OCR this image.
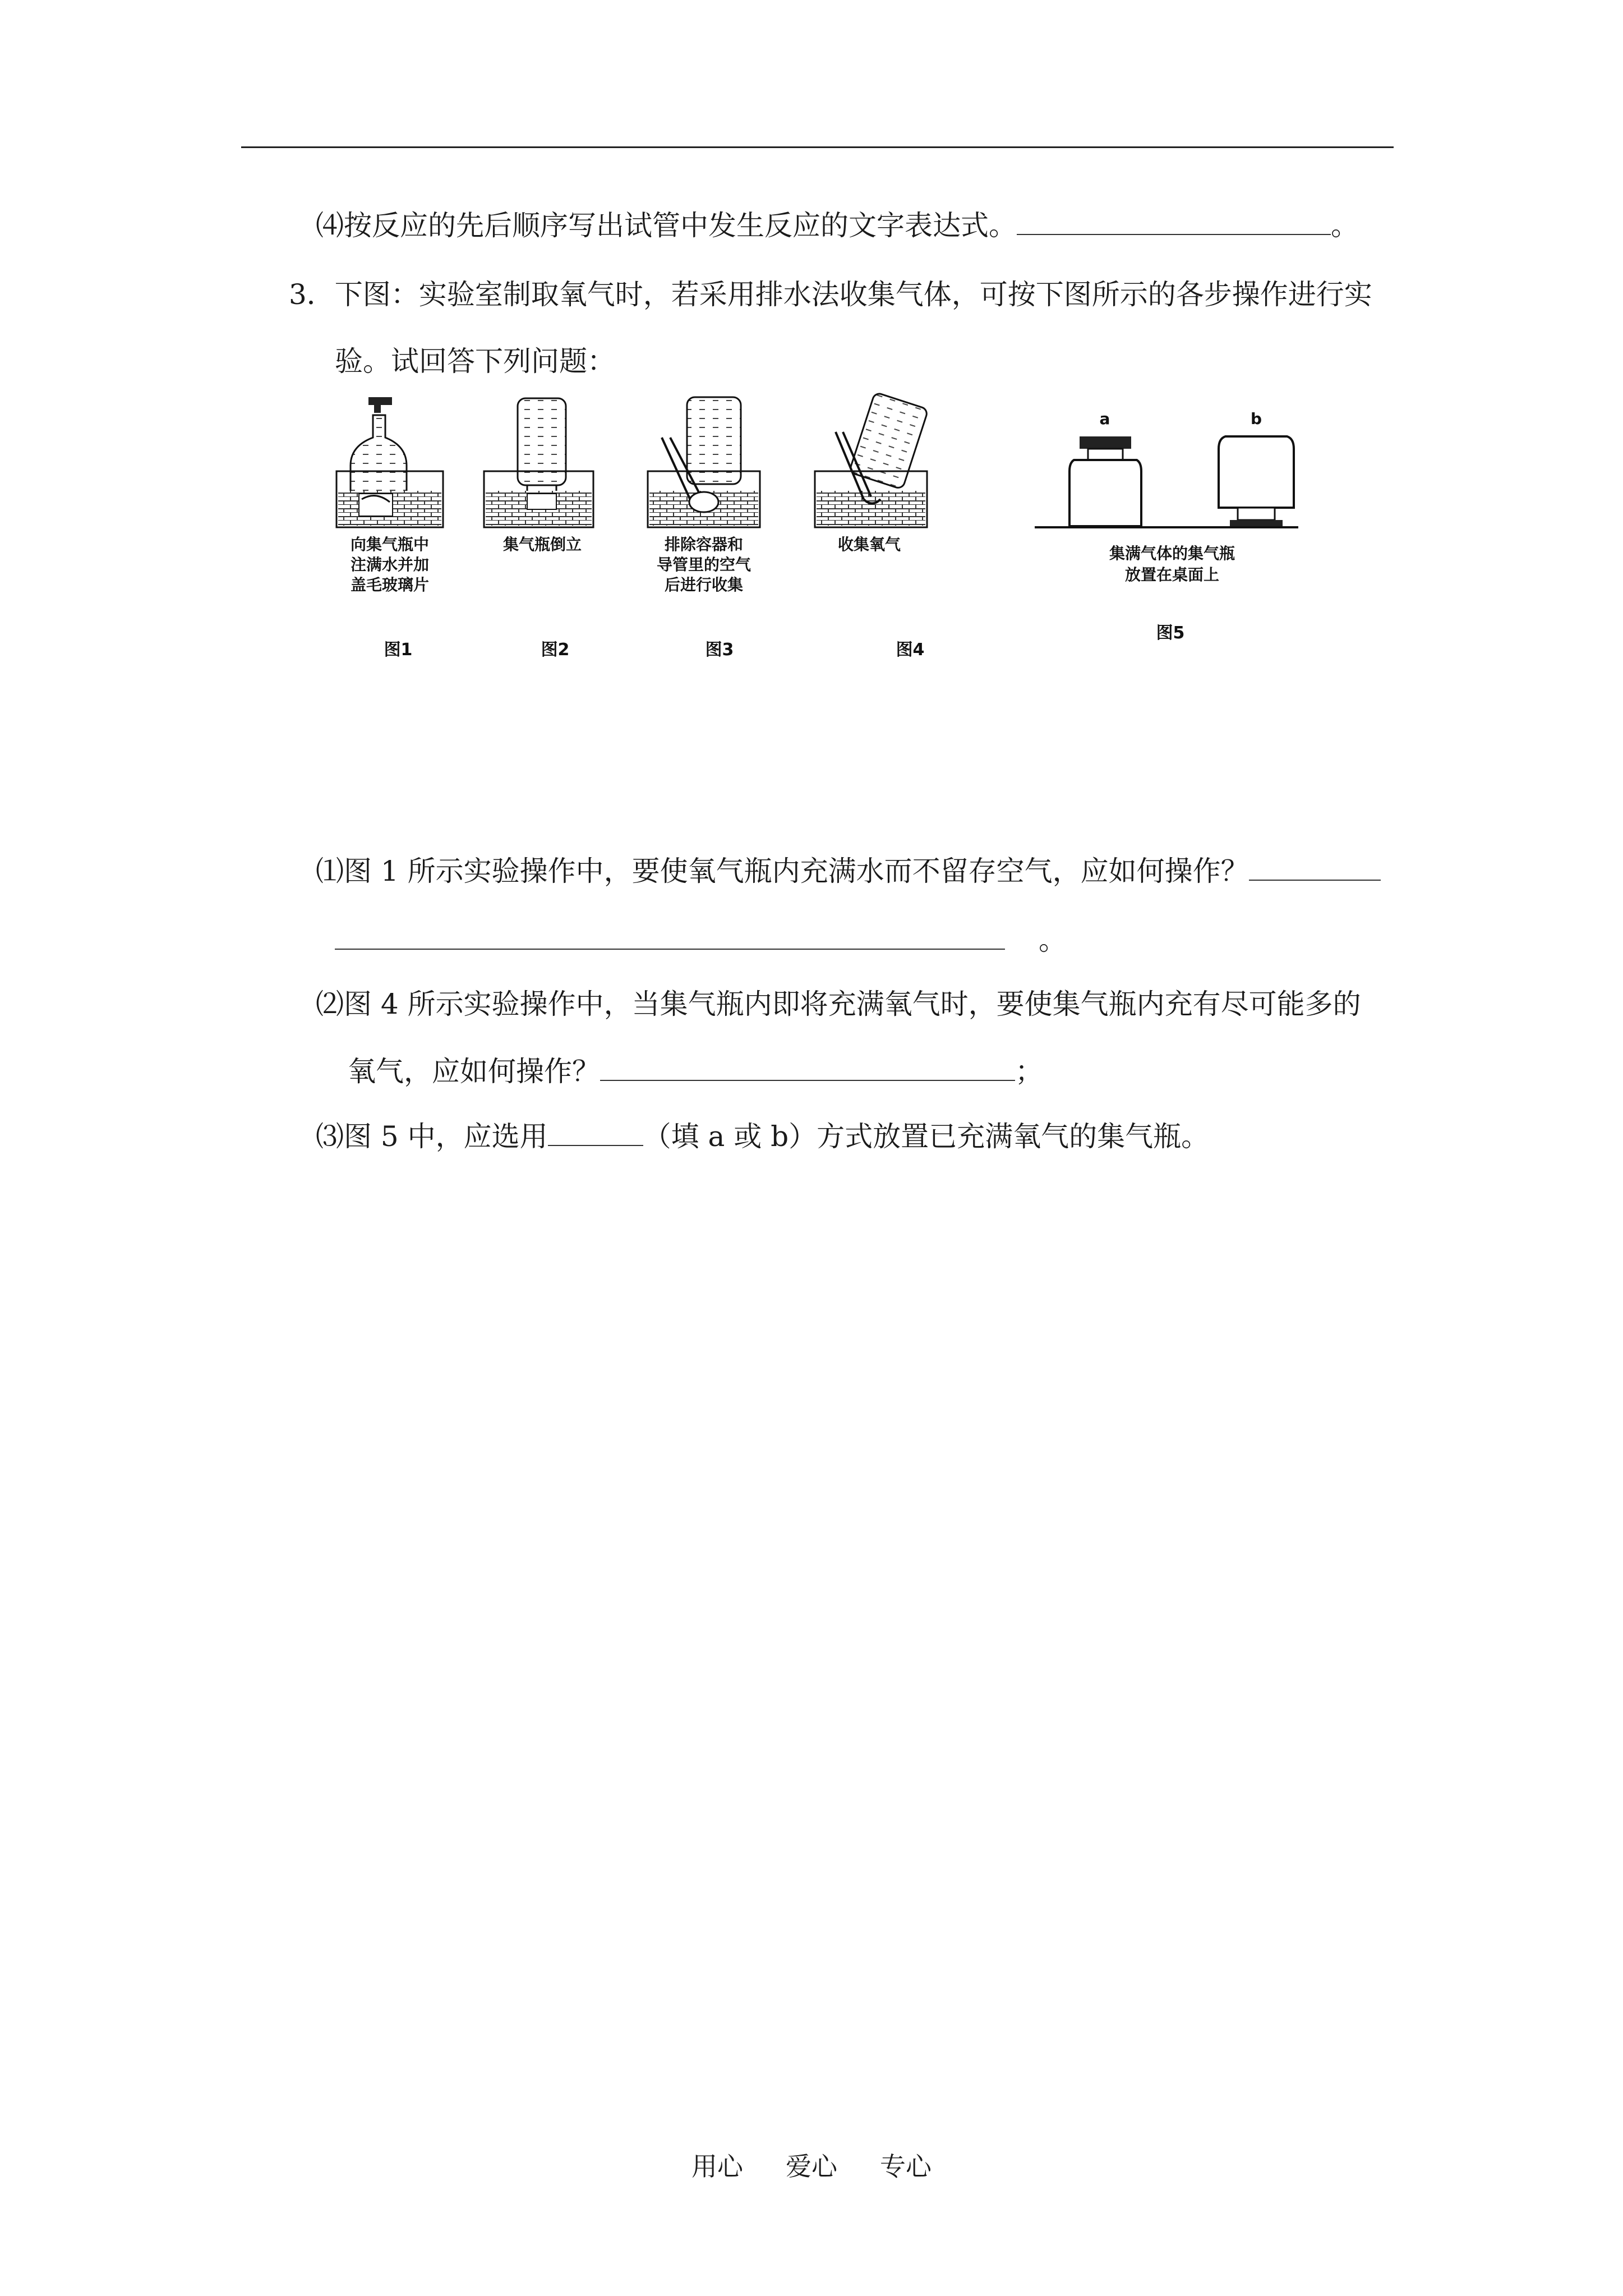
⑷按反应的先后顺序写出试管中发生反应的文字表达式。	。
3．下图：实验室制取氧气时，若采用排水法收集气体，可按下图所示的各步操作进行实
验。试回答下列问题：
a	b
向集气瓶中
注满水并加
盖毛玻璃片
集气瓶倒立	排除容器和
导管里的空气
后进行收集
收集氧气	集满气体的集气瓶
放置在桌面上
图1	图2	图3	图4
图5
⑴图 1 所示实验操作中，要使氧气瓶内充满水而不留存空气，应如何操作？
。
⑵图 4 所示实验操作中，当集气瓶内即将充满氧气时，要使集气瓶内充有尽可能多的
氧气，应如何操作？	；
⑶图 5 中，应选用	（填 a 或 b）方式放置已充满氧气的集气瓶。
用心 爱心 专心
